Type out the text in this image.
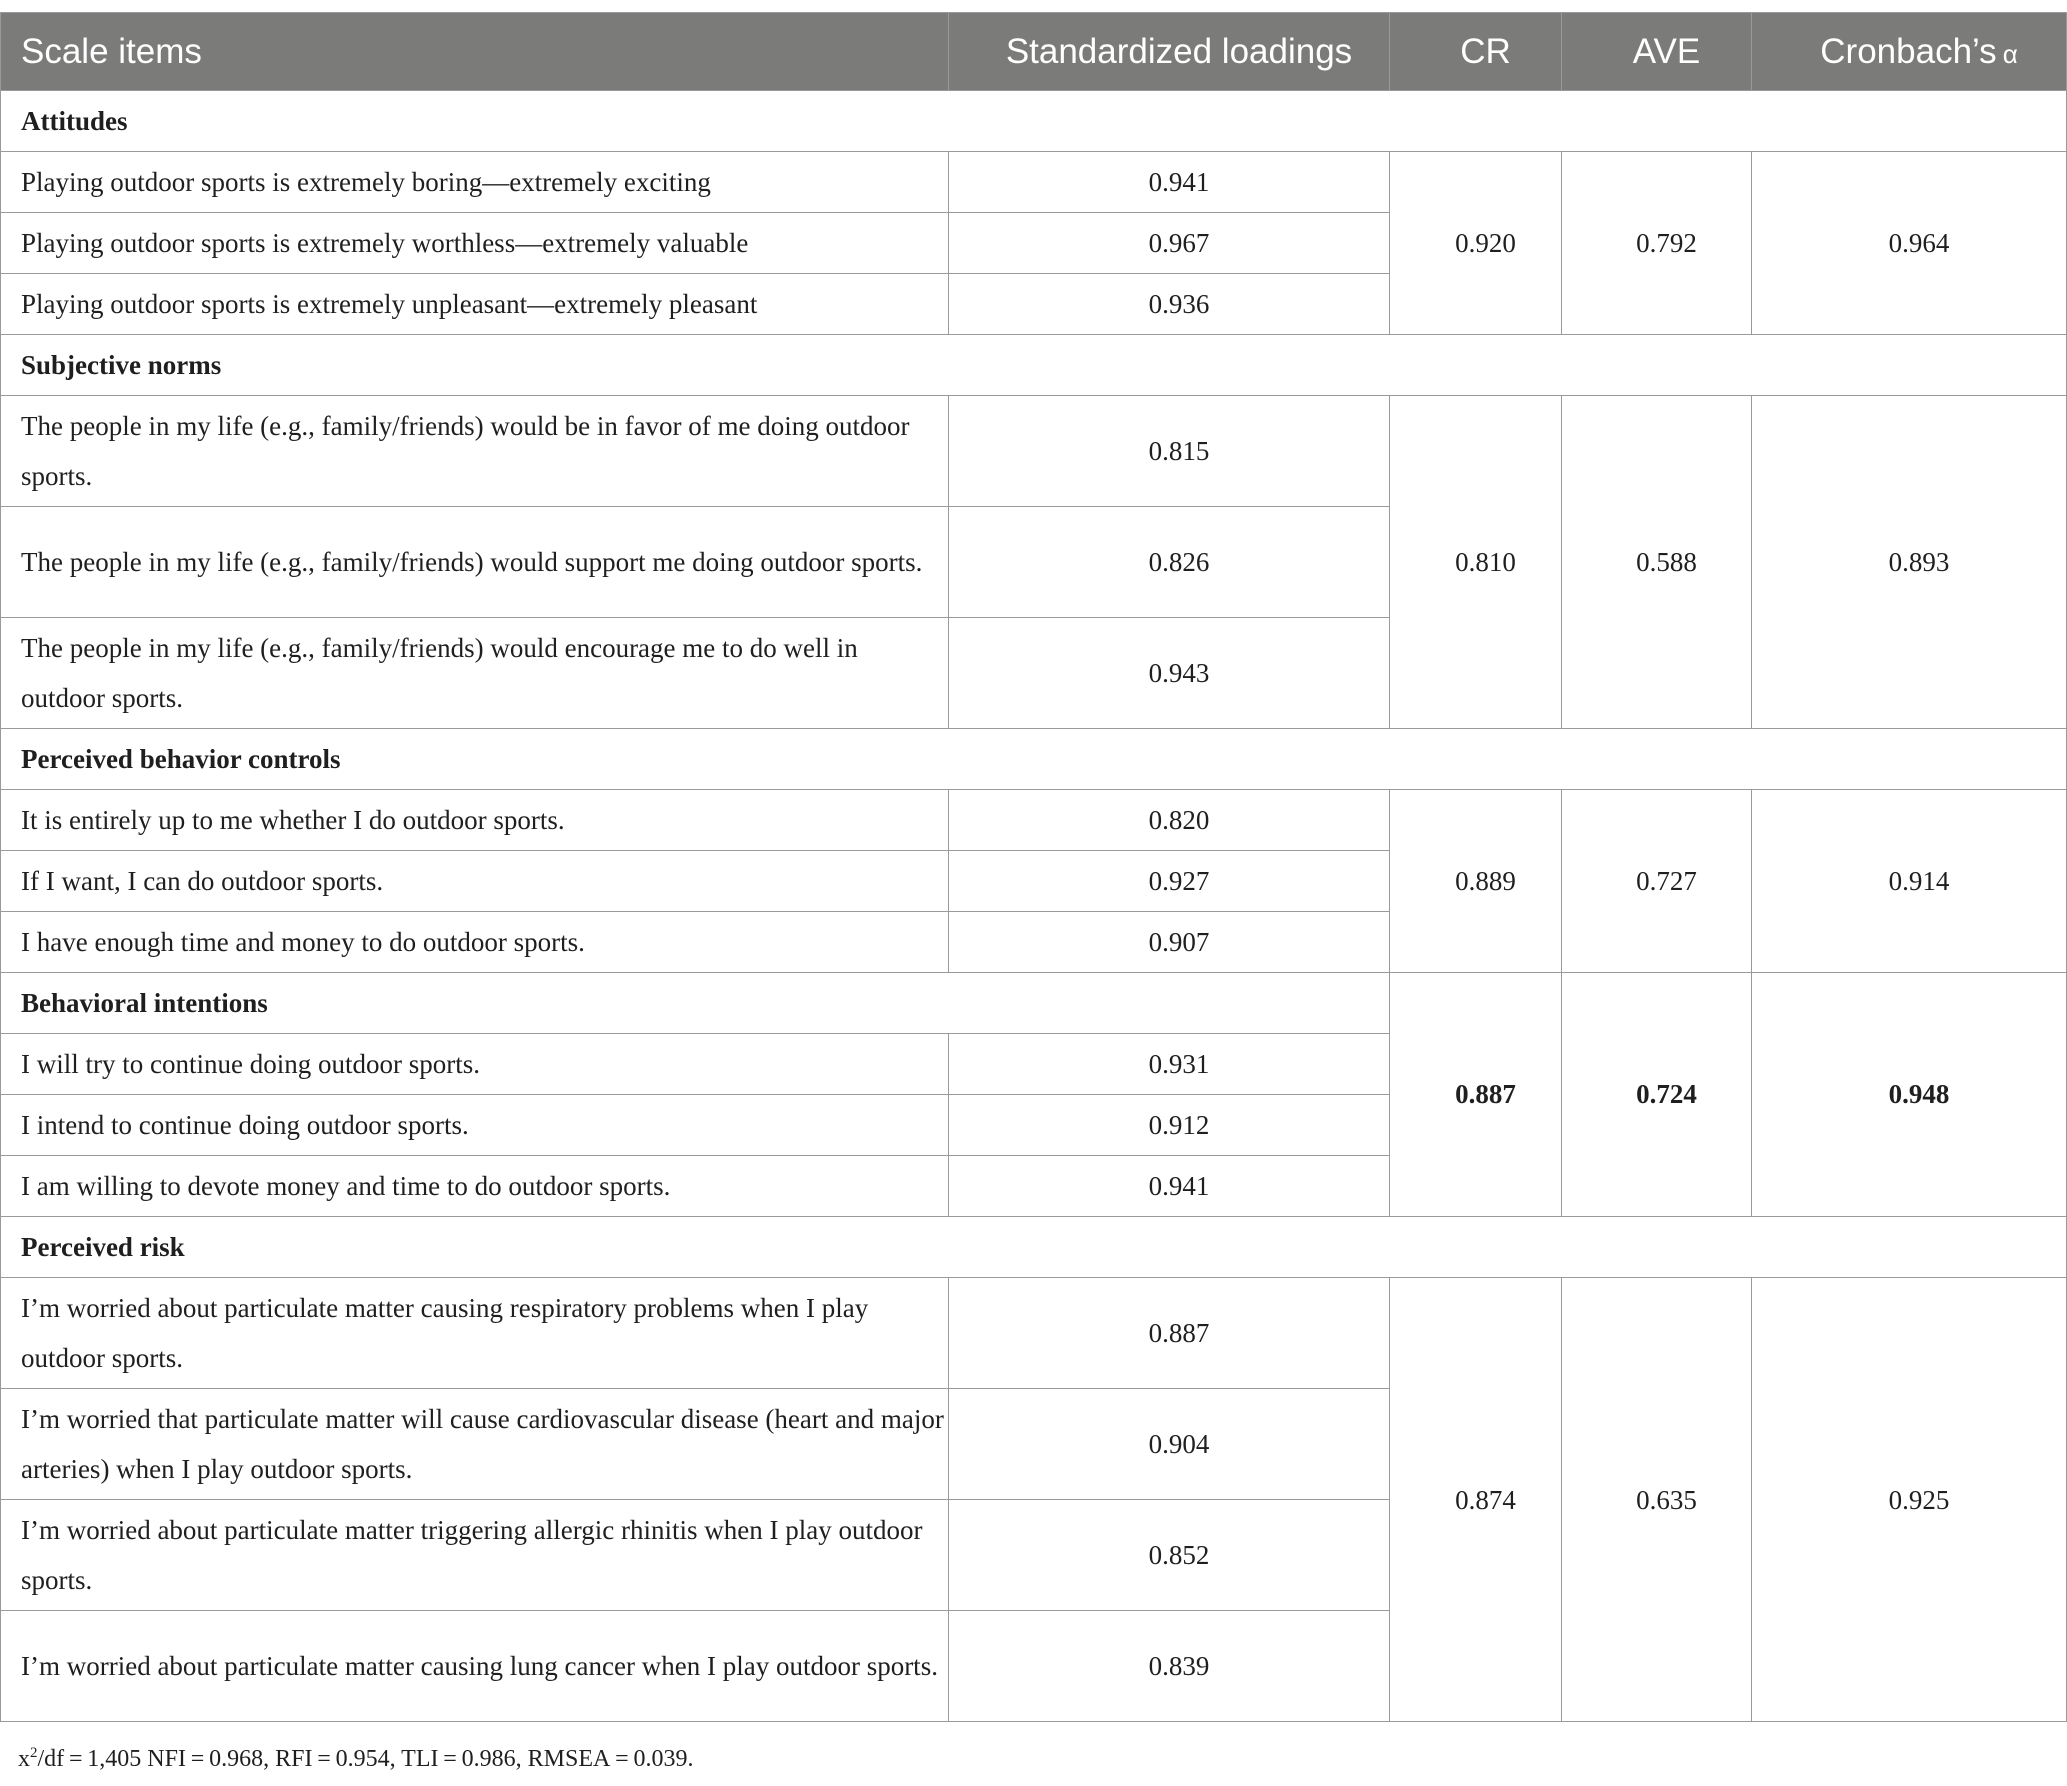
Scale items	Standardized loadings	CR	AVE	Cronbach’s α
Attitudes				
Playing outdoor sports is extremely boring—extremely exciting	0.941	0.920	0.792	0.964
Playing outdoor sports is extremely worthless—extremely valuable	0.967			
Playing outdoor sports is extremely unpleasant—extremely pleasant	0.936			
Subjective norms				
The people in my life (e.g., family/friends) would be in favor of me doing outdoor sports.	0.815	0.810	0.588	0.893
The people in my life (e.g., family/friends) would support me doing outdoor sports.	0.826			
The people in my life (e.g., family/friends) would encourage me to do well in outdoor sports.	0.943			
Perceived behavior controls				
It is entirely up to me whether I do outdoor sports.	0.820	0.889	0.727	0.914
If I want, I can do outdoor sports.	0.927			
I have enough time and money to do outdoor sports.	0.907			
Behavioral intentions		0.887	0.724	0.948
I will try to continue doing outdoor sports.	0.931			
I intend to continue doing outdoor sports.	0.912			
I am willing to devote money and time to do outdoor sports.	0.941			
Perceived risk				
I’m worried about particulate matter causing respiratory problems when I play outdoor sports.	0.887	0.874	0.635	0.925
I’m worried that particulate matter will cause cardiovascular disease (heart and major arteries) when I play outdoor sports.	0.904			
I’m worried about particulate matter triggering allergic rhinitis when I play outdoor sports.	0.852			
I’m worried about particulate matter causing lung cancer when I play outdoor sports.	0.839			
$x^2/df = 1,405$ NFI = 0.968, RFI = 0.954, TLI = 0.986, RMSEA = 0.039.
